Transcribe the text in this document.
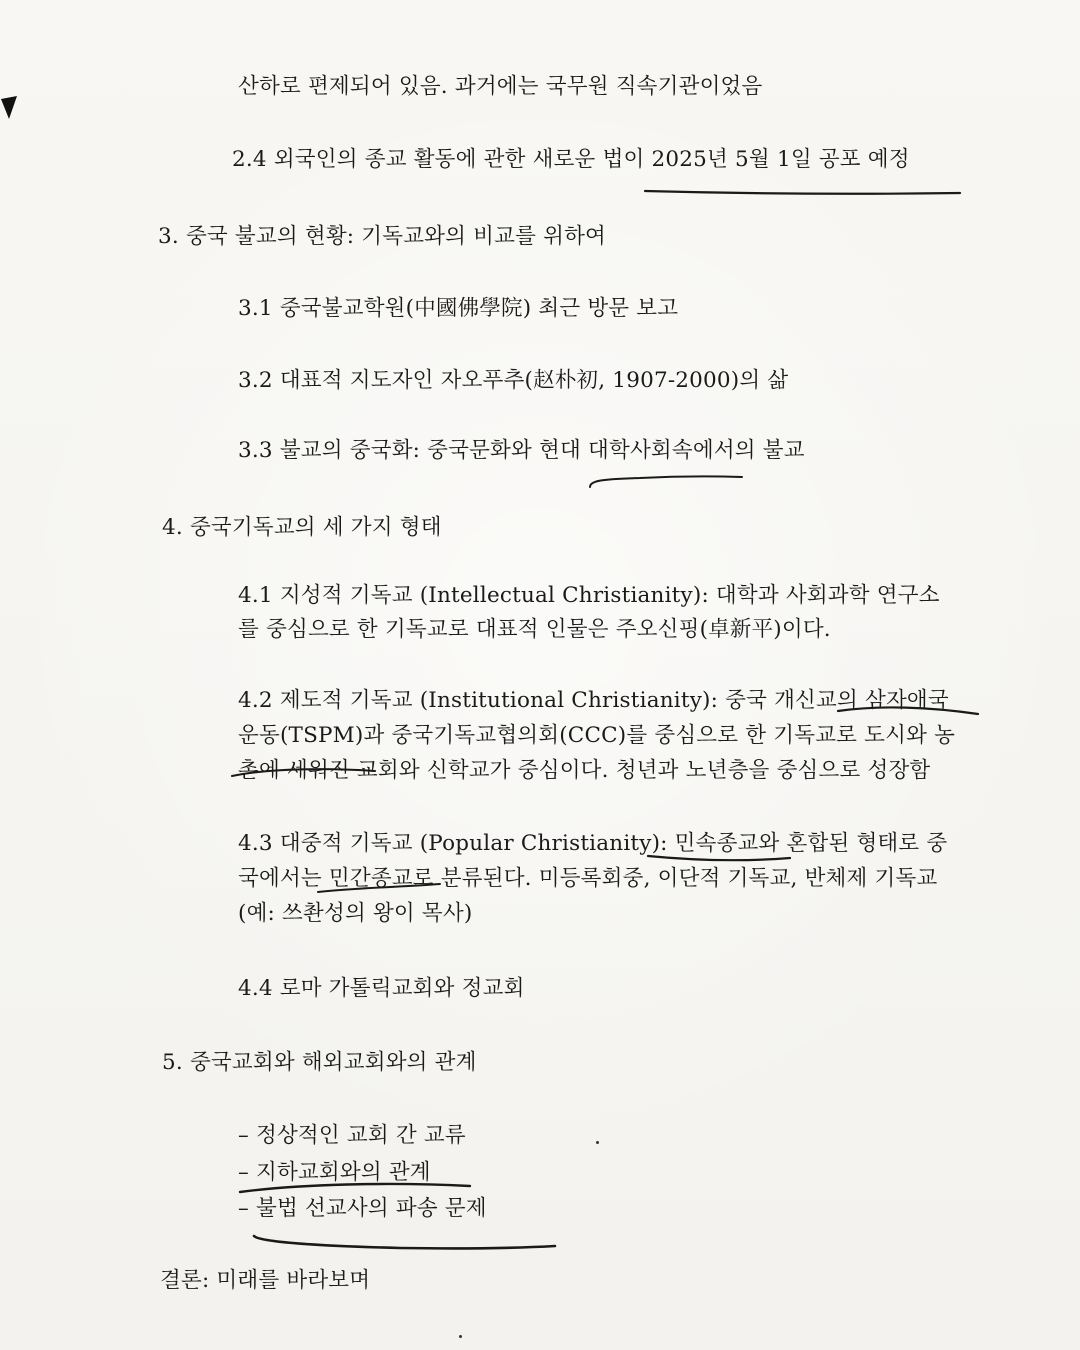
산하로 편제되어 있음. 과거에는 국무원 직속기관이었음
2.4 외국인의 종교 활동에 관한 새로운 법이 2025년 5월 1일 공포 예정
3. 중국 불교의 현황: 기독교와의 비교를 위하여
3.1 중국불교학원(中國佛學院) 최근 방문 보고
3.2 대표적 지도자인 자오푸추(赵朴初, 1907-2000)의 삶
3.3 불교의 중국화: 중국문화와 현대 대학사회속에서의 불교
4. 중국기독교의 세 가지 형태
4.1 지성적 기독교 (Intellectual Christianity): 대학과 사회과학 연구소
를 중심으로 한 기독교로 대표적 인물은 주오신핑(卓新平)이다.
4.2 제도적 기독교 (Institutional Christianity): 중국 개신교의 삼자애국
운동(TSPM)과 중국기독교협의회(CCC)를 중심으로 한 기독교로 도시와 농
촌에 세워진 교회와 신학교가 중심이다. 청년과 노년층을 중심으로 성장함
4.3 대중적 기독교 (Popular Christianity): 민속종교와 혼합된 형태로 중
국에서는 민간종교로 분류된다. 미등록회중, 이단적 기독교, 반체제 기독교
(예: 쓰촨성의 왕이 목사)
4.4 로마 가톨릭교회와 정교회
5. 중국교회와 해외교회와의 관계
– 정상적인 교회 간 교류
– 지하교회와의 관계
– 불법 선교사의 파송 문제
결론: 미래를 바라보며
